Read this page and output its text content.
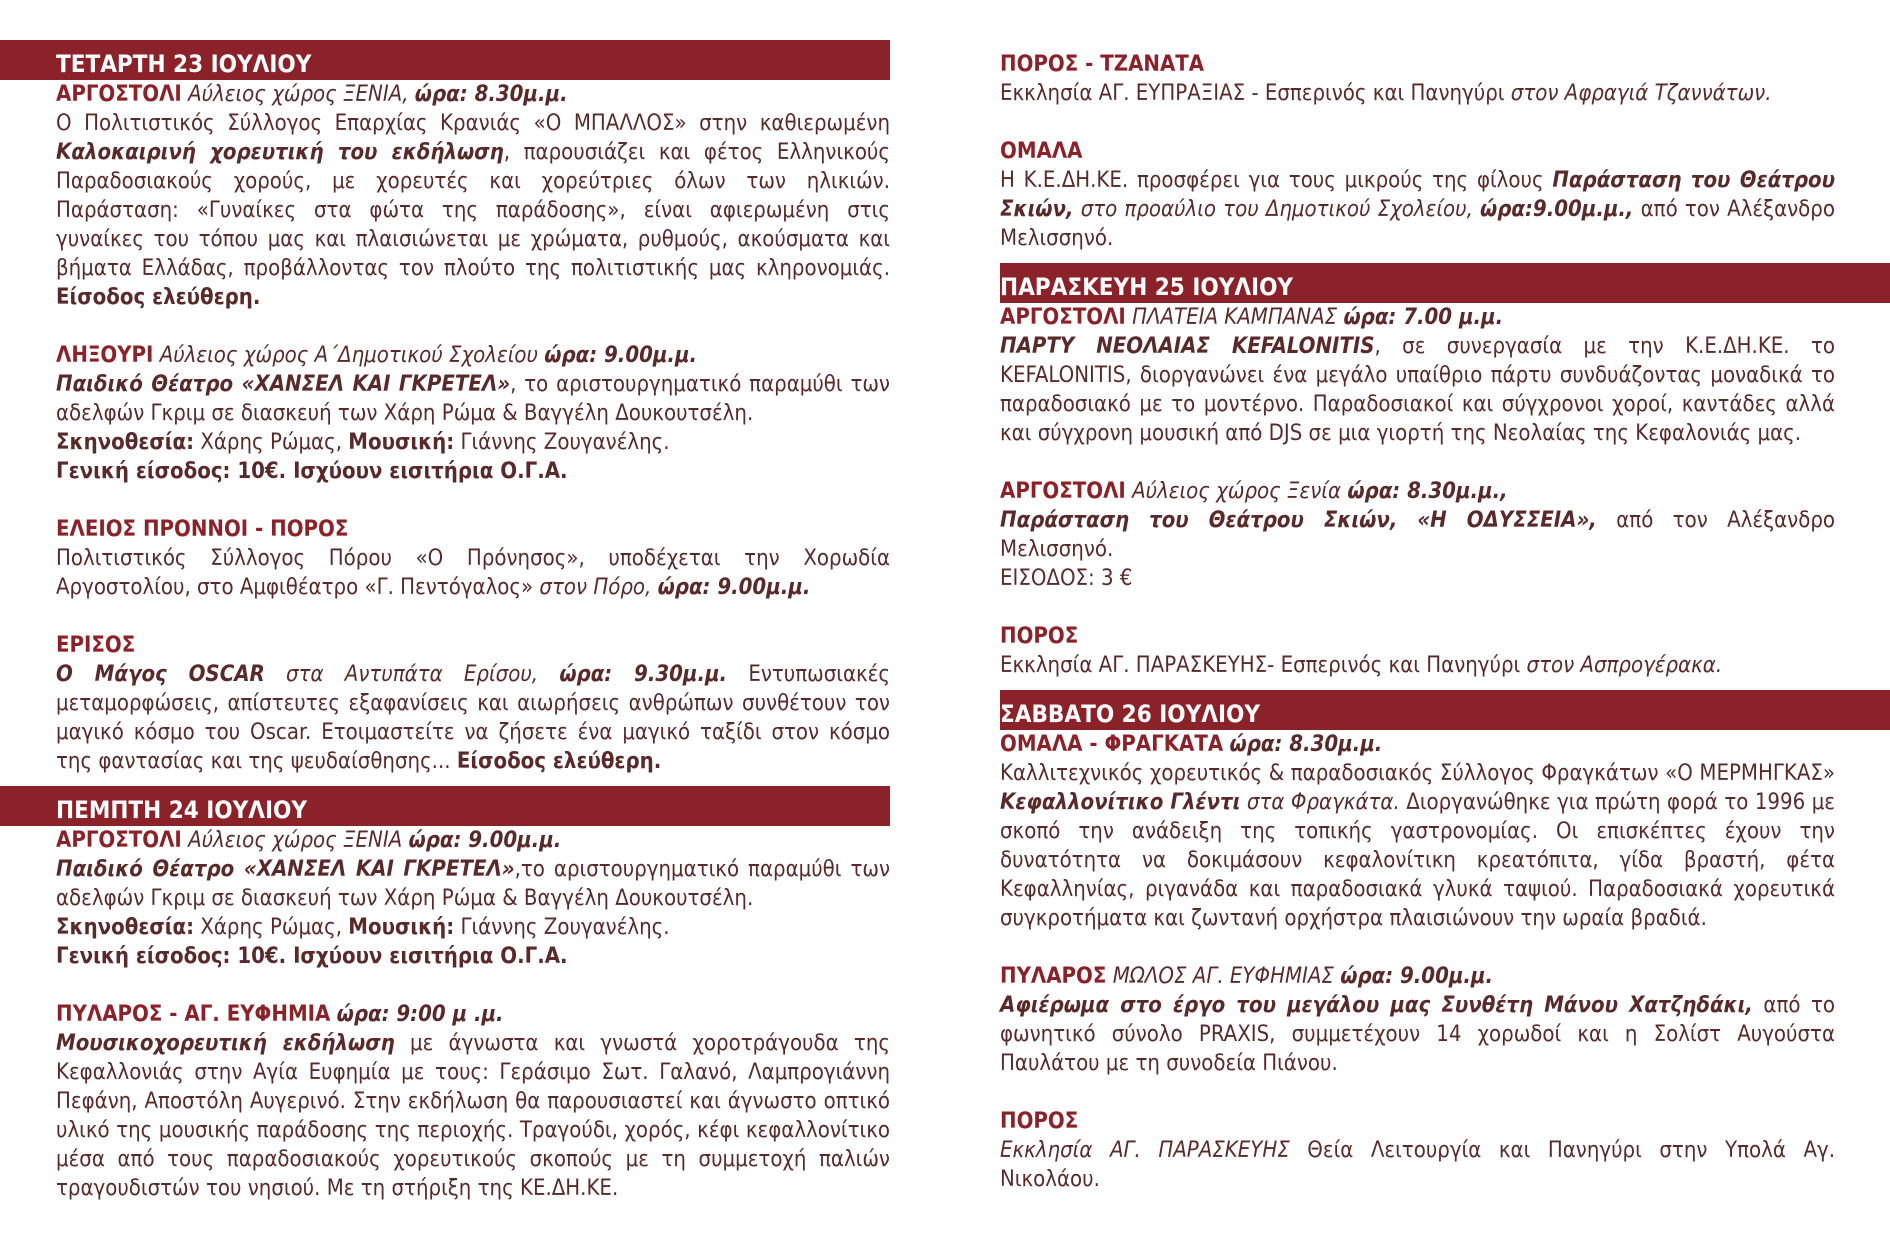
ΤΕΤΑΡΤΗ 23 ΙΟΥΛΙΟΥ

ΑΡΓΟΣΤΟΛΙ Αύλειος χώρος ΞΕΝΙΑ, ώρα: 8.30μ.μ.

Ο Πολιτιστικός Σύλλογος Επαρχίας Κρανιάς «Ο ΜΠΑΛΛΟΣ» στην καθιερωμένη Καλοκαιρινή χορευτική του εκδήλωση, παρουσιάζει και φέτος Ελληνικούς Παραδοσιακούς χορούς, με χορευτές και χορεύτριες όλων των ηλικιών. Παράσταση: «Γυναίκες στα φώτα της παράδοσης», είναι αφιερωμένη στις γυναίκες του τόπου μας και πλαισιώνεται με χρώματα, ρυθμούς, ακούσματα και βήματα Ελλάδας, προβάλλοντας τον πλούτο της πολιτιστικής μας κληρονομιάς. Είσοδος ελεύθερη.

ΛΗΞΟΥΡΙ Αύλειος χώρος Α΄Δημοτικού Σχολείου ώρα: 9.00μ.μ.

Παιδικό Θέατρο «ΧΑΝΣΕΛ ΚΑΙ ΓΚΡΕΤΕΛ», το αριστουργηματικό παραμύθι των αδελφών Γκριμ σε διασκευή των Χάρη Ρώμα & Βαγγέλη Δουκουτσέλη.

Σκηνοθεσία: Χάρης Ρώμας, Μουσική: Γιάννης Ζουγανέλης.

Γενική είσοδος: 10€. Ισχύουν εισιτήρια Ο.Γ.Α.

ΕΛΕΙΟΣ ΠΡΟΝΝΟΙ - ΠΟΡΟΣ

Πολιτιστικός Σύλλογος Πόρου «Ο Πρόνησος», υποδέχεται την Χορωδία Αργοστολίου, στο Αμφιθέατρο «Γ. Πεντόγαλος» στον Πόρο, ώρα: 9.00μ.μ.

ΕΡΙΣΟΣ

Ο Μάγος OSCAR στα Αντυπάτα Ερίσου, ώρα: 9.30μ.μ. Εντυπωσιακές μεταμορφώσεις, απίστευτες εξαφανίσεις και αιωρήσεις ανθρώπων συνθέτουν τον μαγικό κόσμο του Oscar. Ετοιμαστείτε να ζήσετε ένα μαγικό ταξίδι στον κόσμο της φαντασίας και της ψευδαίσθησης... Είσοδος ελεύθερη.

ΠΕΜΠΤΗ 24 ΙΟΥΛΙΟΥ

ΑΡΓΟΣΤΟΛΙ Αύλειος χώρος ΞΕΝΙΑ ώρα: 9.00μ.μ.

Παιδικό Θέατρο «ΧΑΝΣΕΛ ΚΑΙ ΓΚΡΕΤΕΛ»,το αριστουργηματικό παραμύθι των αδελφών Γκριμ σε διασκευή των Χάρη Ρώμα & Βαγγέλη Δουκουτσέλη.

Σκηνοθεσία: Χάρης Ρώμας, Μουσική: Γιάννης Ζουγανέλης.

Γενική είσοδος: 10€. Ισχύουν εισιτήρια Ο.Γ.Α.

ΠΥΛΑΡΟΣ - ΑΓ. ΕΥΦΗΜΙΑ ώρα: 9:00 μ .μ.

Μουσικοχορευτική εκδήλωση με άγνωστα και γνωστά χοροτράγουδα της Κεφαλλονιάς στην Αγία Ευφημία με τους: Γεράσιμο Σωτ. Γαλανό, Λαμπρογιάννη Πεφάνη, Αποστόλη Αυγερινό. Στην εκδήλωση θα παρουσιαστεί και άγνωστο οπτικό υλικό της μουσικής παράδοσης της περιοχής. Τραγούδι, χορός, κέφι κεφαλλονίτικο μέσα από τους παραδοσιακούς χορευτικούς σκοπούς με τη συμμετοχή παλιών τραγουδιστών του νησιού. Με τη στήριξη της ΚΕ.ΔΗ.ΚΕ.

ΠΟΡΟΣ - ΤΖΑΝΑΤΑ

Εκκλησία ΑΓ. ΕΥΠΡΑΞΙΑΣ - Εσπερινός και Πανηγύρι στον Αφραγιά Τζαννάτων.

ΟΜΑΛΑ

Η Κ.Ε.ΔΗ.ΚΕ. προσφέρει για τους μικρούς της φίλους Παράσταση του Θεάτρου Σκιών, στο προαύλιο του Δημοτικού Σχολείου, ώρα:9.00μ.μ., από τον Αλέξανδρο Μελισσηνό.

ΠΑΡΑΣΚΕΥΗ 25 ΙΟΥΛΙΟΥ

ΑΡΓΟΣΤΟΛΙ ΠΛΑΤΕΙΑ ΚΑΜΠΑΝΑΣ ώρα: 7.00 μ.μ.

ΠΑΡΤΥ ΝΕΟΛΑΙΑΣ KEFALONITIS, σε συνεργασία με την Κ.Ε.ΔΗ.ΚΕ. το KEFALONITIS, διοργανώνει ένα μεγάλο υπαίθριο πάρτυ συνδυάζοντας μοναδικά το παραδοσιακό με το μοντέρνο. Παραδοσιακοί και σύγχρονοι χοροί, καντάδες αλλά και σύγχρονη μουσική από DJS σε μια γιορτή της Νεολαίας της Κεφαλονιάς μας.

ΑΡΓΟΣΤΟΛΙ Αύλειος χώρος Ξενία ώρα: 8.30μ.μ.,

Παράσταση του Θεάτρου Σκιών, «Η ΟΔΥΣΣΕΙΑ», από τον Αλέξανδρο Μελισσηνό.

ΕΙΣΟΔΟΣ: 3 €

ΠΟΡΟΣ

Εκκλησία ΑΓ. ΠΑΡΑΣΚΕΥΗΣ- Εσπερινός και Πανηγύρι στον Ασπρογέρακα.

ΣΑΒΒΑΤΟ 26 ΙΟΥΛΙΟΥ

ΟΜΑΛΑ - ΦΡΑΓΚΑΤΑ ώρα: 8.30μ.μ.

Καλλιτεχνικός χορευτικός & παραδοσιακός Σύλλογος Φραγκάτων «Ο ΜΕΡΜΗΓΚΑΣ» Κεφαλλονίτικο Γλέντι στα Φραγκάτα. Διοργανώθηκε για πρώτη φορά το 1996 με σκοπό την ανάδειξη της τοπικής γαστρονομίας. Οι επισκέπτες έχουν την δυνατότητα να δοκιμάσουν κεφαλονίτικη κρεατόπιτα, γίδα βραστή, φέτα Κεφαλληνίας, ριγανάδα και παραδοσιακά γλυκά ταψιού. Παραδοσιακά χορευτικά συγκροτήματα και ζωντανή ορχήστρα πλαισιώνουν την ωραία βραδιά.

ΠΥΛΑΡΟΣ ΜΩΛΟΣ ΑΓ. ΕΥΦΗΜΙΑΣ ώρα: 9.00μ.μ.

Αφιέρωμα στο έργο του μεγάλου μας Συνθέτη Μάνου Χατζηδάκι, από το φωνητικό σύνολο PRAXIS, συμμετέχουν 14 χορωδοί και η Σολίστ Αυγούστα Παυλάτου με τη συνοδεία Πιάνου.

ΠΟΡΟΣ

Εκκλησία ΑΓ. ΠΑΡΑΣΚΕΥΗΣ Θεία Λειτουργία και Πανηγύρι στην Υπολά Αγ. Νικολάου.
